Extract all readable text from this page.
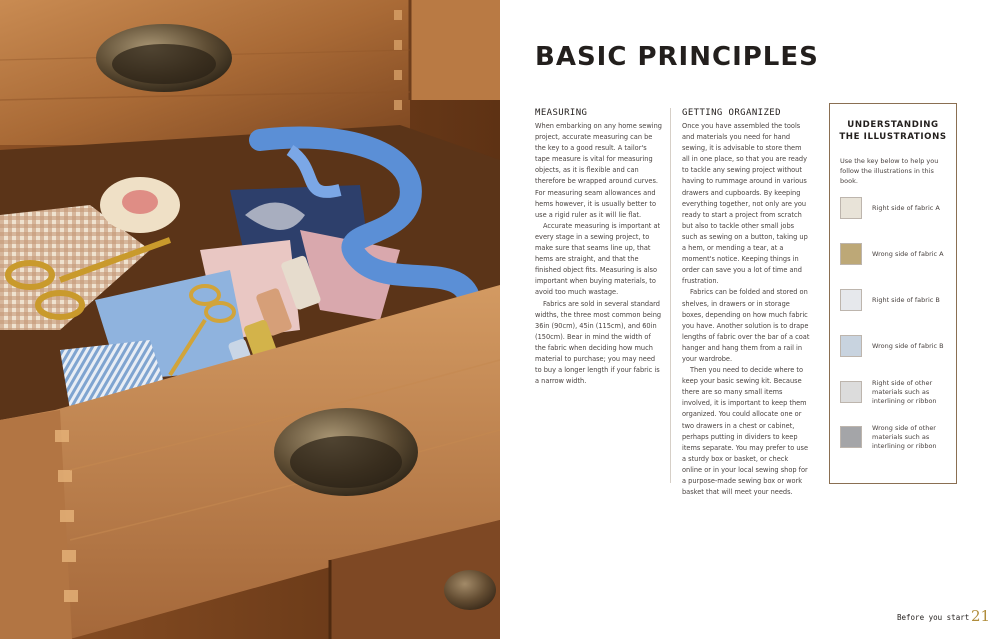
BASIC PRINCIPLES
MEASURING

When embarking on any home sewing project, accurate measuring can be the key to a good result. A tailor's tape measure is vital for measuring objects, as it is flexible and can therefore be wrapped around curves. For measuring seam allowances and hems however, it is usually better to use a rigid ruler as it will lie flat.

Accurate measuring is important at every stage in a sewing project, to make sure that seams line up, that hems are straight, and that the finished object fits. Measuring is also important when buying materials, to avoid too much wastage.

Fabrics are sold in several standard widths, the three most common being 36in (90cm), 45in (115cm), and 60in (150cm). Bear in mind the width of the fabric when deciding how much material to purchase; you may need to buy a longer length if your fabric is a narrow width.

GETTING ORGANIZED

Once you have assembled the tools and materials you need for hand sewing, it is advisable to store them all in one place, so that you are ready to tackle any sewing project without having to rummage around in various drawers and cupboards. By keeping everything together, not only are you ready to start a project from scratch but also to tackle other small jobs such as sewing on a button, taking up a hem, or mending a tear, at a moment's notice. Keeping things in order can save you a lot of time and frustration.

Fabrics can be folded and stored on shelves, in drawers or in storage boxes, depending on how much fabric you have. Another solution is to drape lengths of fabric over the bar of a coat hanger and hang them from a rail in your wardrobe.

Then you need to decide where to keep your basic sewing kit. Because there are so many small items involved, it is important to keep them organized. You could allocate one or two drawers in a chest or cabinet, perhaps putting in dividers to keep items separate. You may prefer to use a sturdy box or basket, or check online or in your local sewing shop for a purpose-made sewing box or work basket that will meet your needs.

UNDERSTANDING
THE ILLUSTRATIONS
Use the key below to help you follow the illustrations in this book.
Right side of fabric A
Wrong side of fabric A
Right side of fabric B
Wrong side of fabric B
Right side of other materials such as interlining or ribbon
Wrong side of other materials such as interlining or ribbon
Before you start 21
